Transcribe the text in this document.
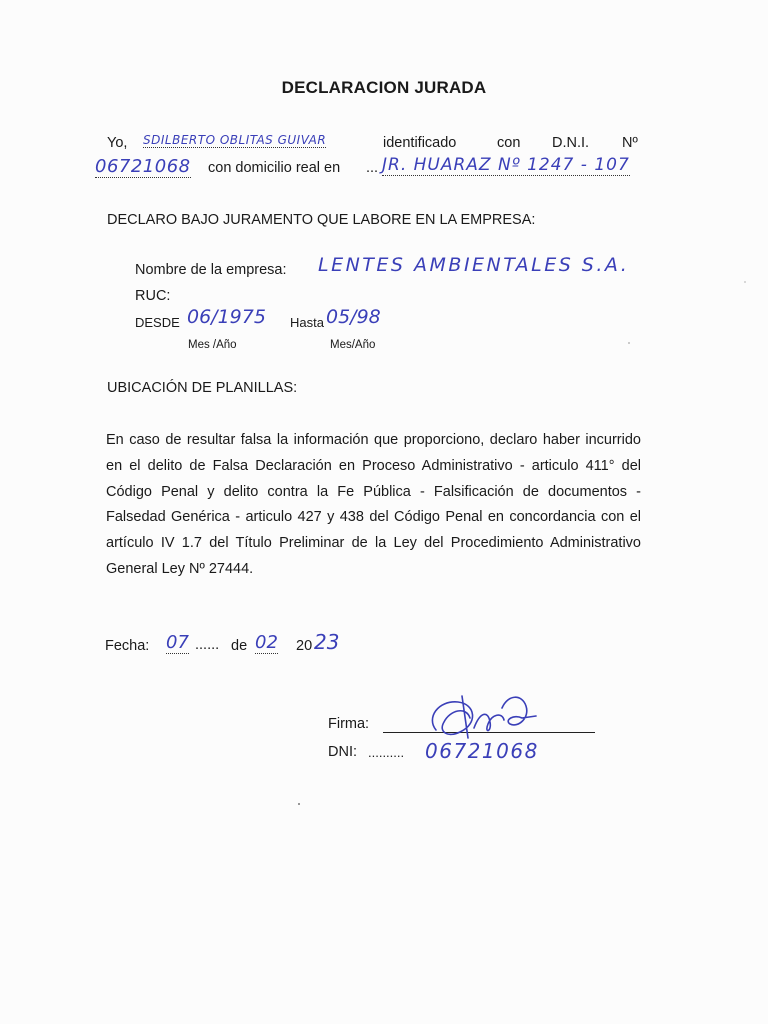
DECLARACION JURADA
Yo, SDILBERTO OBLITAS GUIVAR	identificado	con D.N.I. Nº
06721068 con domicilio real en ... JR. HUARAZ Nº 1247 - 107
DECLARO BAJO JURAMENTO QUE LABORE EN LA EMPRESA:
Nombre de la empresa: LENTES AMBIENTALES S.A.
RUC:
DESDE 06/1975 Hasta 05/98
Mes /Año	Mes/Año
UBICACIÓN DE PLANILLAS:

En caso de resultar falsa la información que proporciono, declaro haber incurrido en el delito de Falsa Declaración en Proceso Administrativo - articulo 411° del Código Penal y delito contra la Fe Pública - Falsificación de documentos - Falsedad Genérica - articulo 427 y 438 del Código Penal en concordancia con el artículo IV 1.7 del Título Preliminar de la Ley del Procedimiento Administrativo General Ley Nº 27444.

Fecha: 07 ...... de 02 20 23
Firma:
DNI: .......... 06721068
